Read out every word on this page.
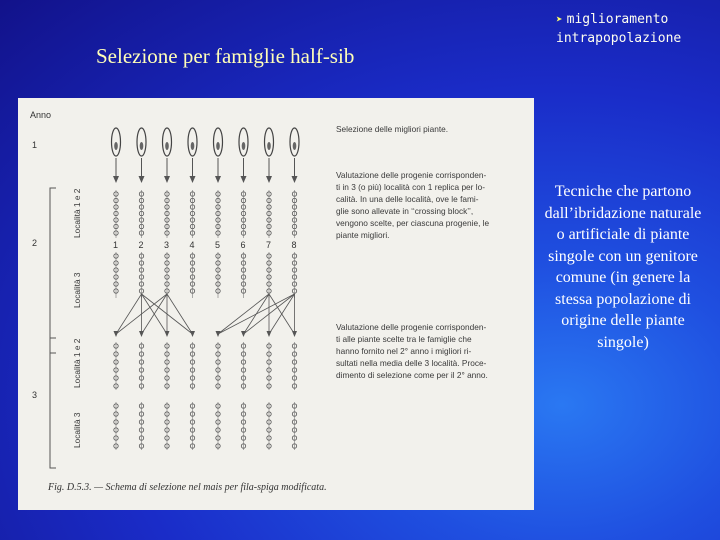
Selezione per famiglie half-sib
➤ miglioramento
intrapopolazione
Anno
1
2
3
Località 1 e 2
Località 3
Località 1 e 2
Località 3
1 2 3 4 5 6 7 8
Selezione delle migliori piante.
Valutazione delle progenie corrisponden-
ti in 3 (o più) località con 1 replica per lo-
calità. In una delle località, ove le fami-
glie sono allevate in ‘‘crossing block’’,
vengono scelte, per ciascuna progenie, le
piante migliori.
Valutazione delle progenie corrisponden-
ti alle piante scelte tra le famiglie che
hanno fornito nel 2° anno i migliori ri-
sultati nella media delle 3 località. Proce-
dimento di selezione come per il 2° anno.
Fig. D.5.3. — Schema di selezione nel mais per fila-spiga modificata.
Tecniche che partono dall’ibridazione naturale o artificiale di piante singole con un genitore comune (in genere la stessa popolazione di origine delle piante singole)
